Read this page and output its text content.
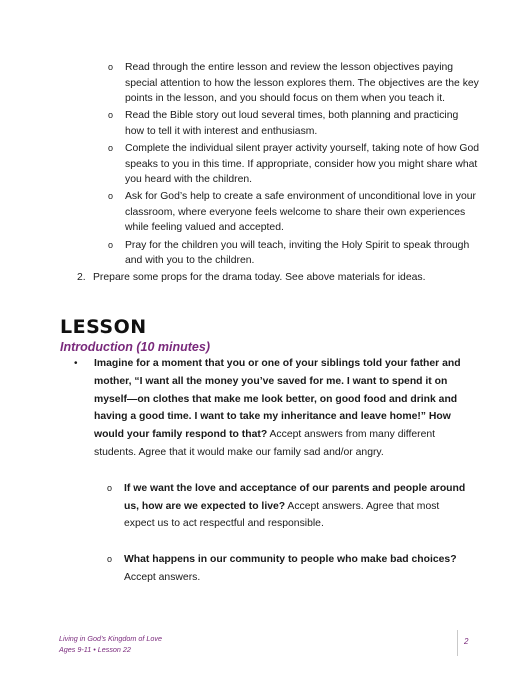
o Read through the entire lesson and review the lesson objectives paying special attention to how the lesson explores them. The objectives are the key points in the lesson, and you should focus on them when you teach it.
o Read the Bible story out loud several times, both planning and practicing how to tell it with interest and enthusiasm.
o Complete the individual silent prayer activity yourself, taking note of how God speaks to you in this time. If appropriate, consider how you might share what you heard with the children.
o Ask for God’s help to create a safe environment of unconditional love in your classroom, where everyone feels welcome to share their own experiences while feeling valued and accepted.
o Pray for the children you will teach, inviting the Holy Spirit to speak through and with you to the children.
2. Prepare some props for the drama today. See above materials for ideas.
LESSON
Introduction (10 minutes)
• Imagine for a moment that you or one of your siblings told your father and mother, “I want all the money you’ve saved for me. I want to spend it on myself—on clothes that make me look better, on good food and drink and having a good time. I want to take my inheritance and leave home!” How would your family respond to that? Accept answers from many different students. Agree that it would make our family sad and/or angry.
o If we want the love and acceptance of our parents and people around us, how are we expected to live? Accept answers. Agree that most expect us to act respectful and responsible.
o What happens in our community to people who make bad choices? Accept answers.
Living in God’s Kingdom of Love
Ages 9-11 • Lesson 22
2
